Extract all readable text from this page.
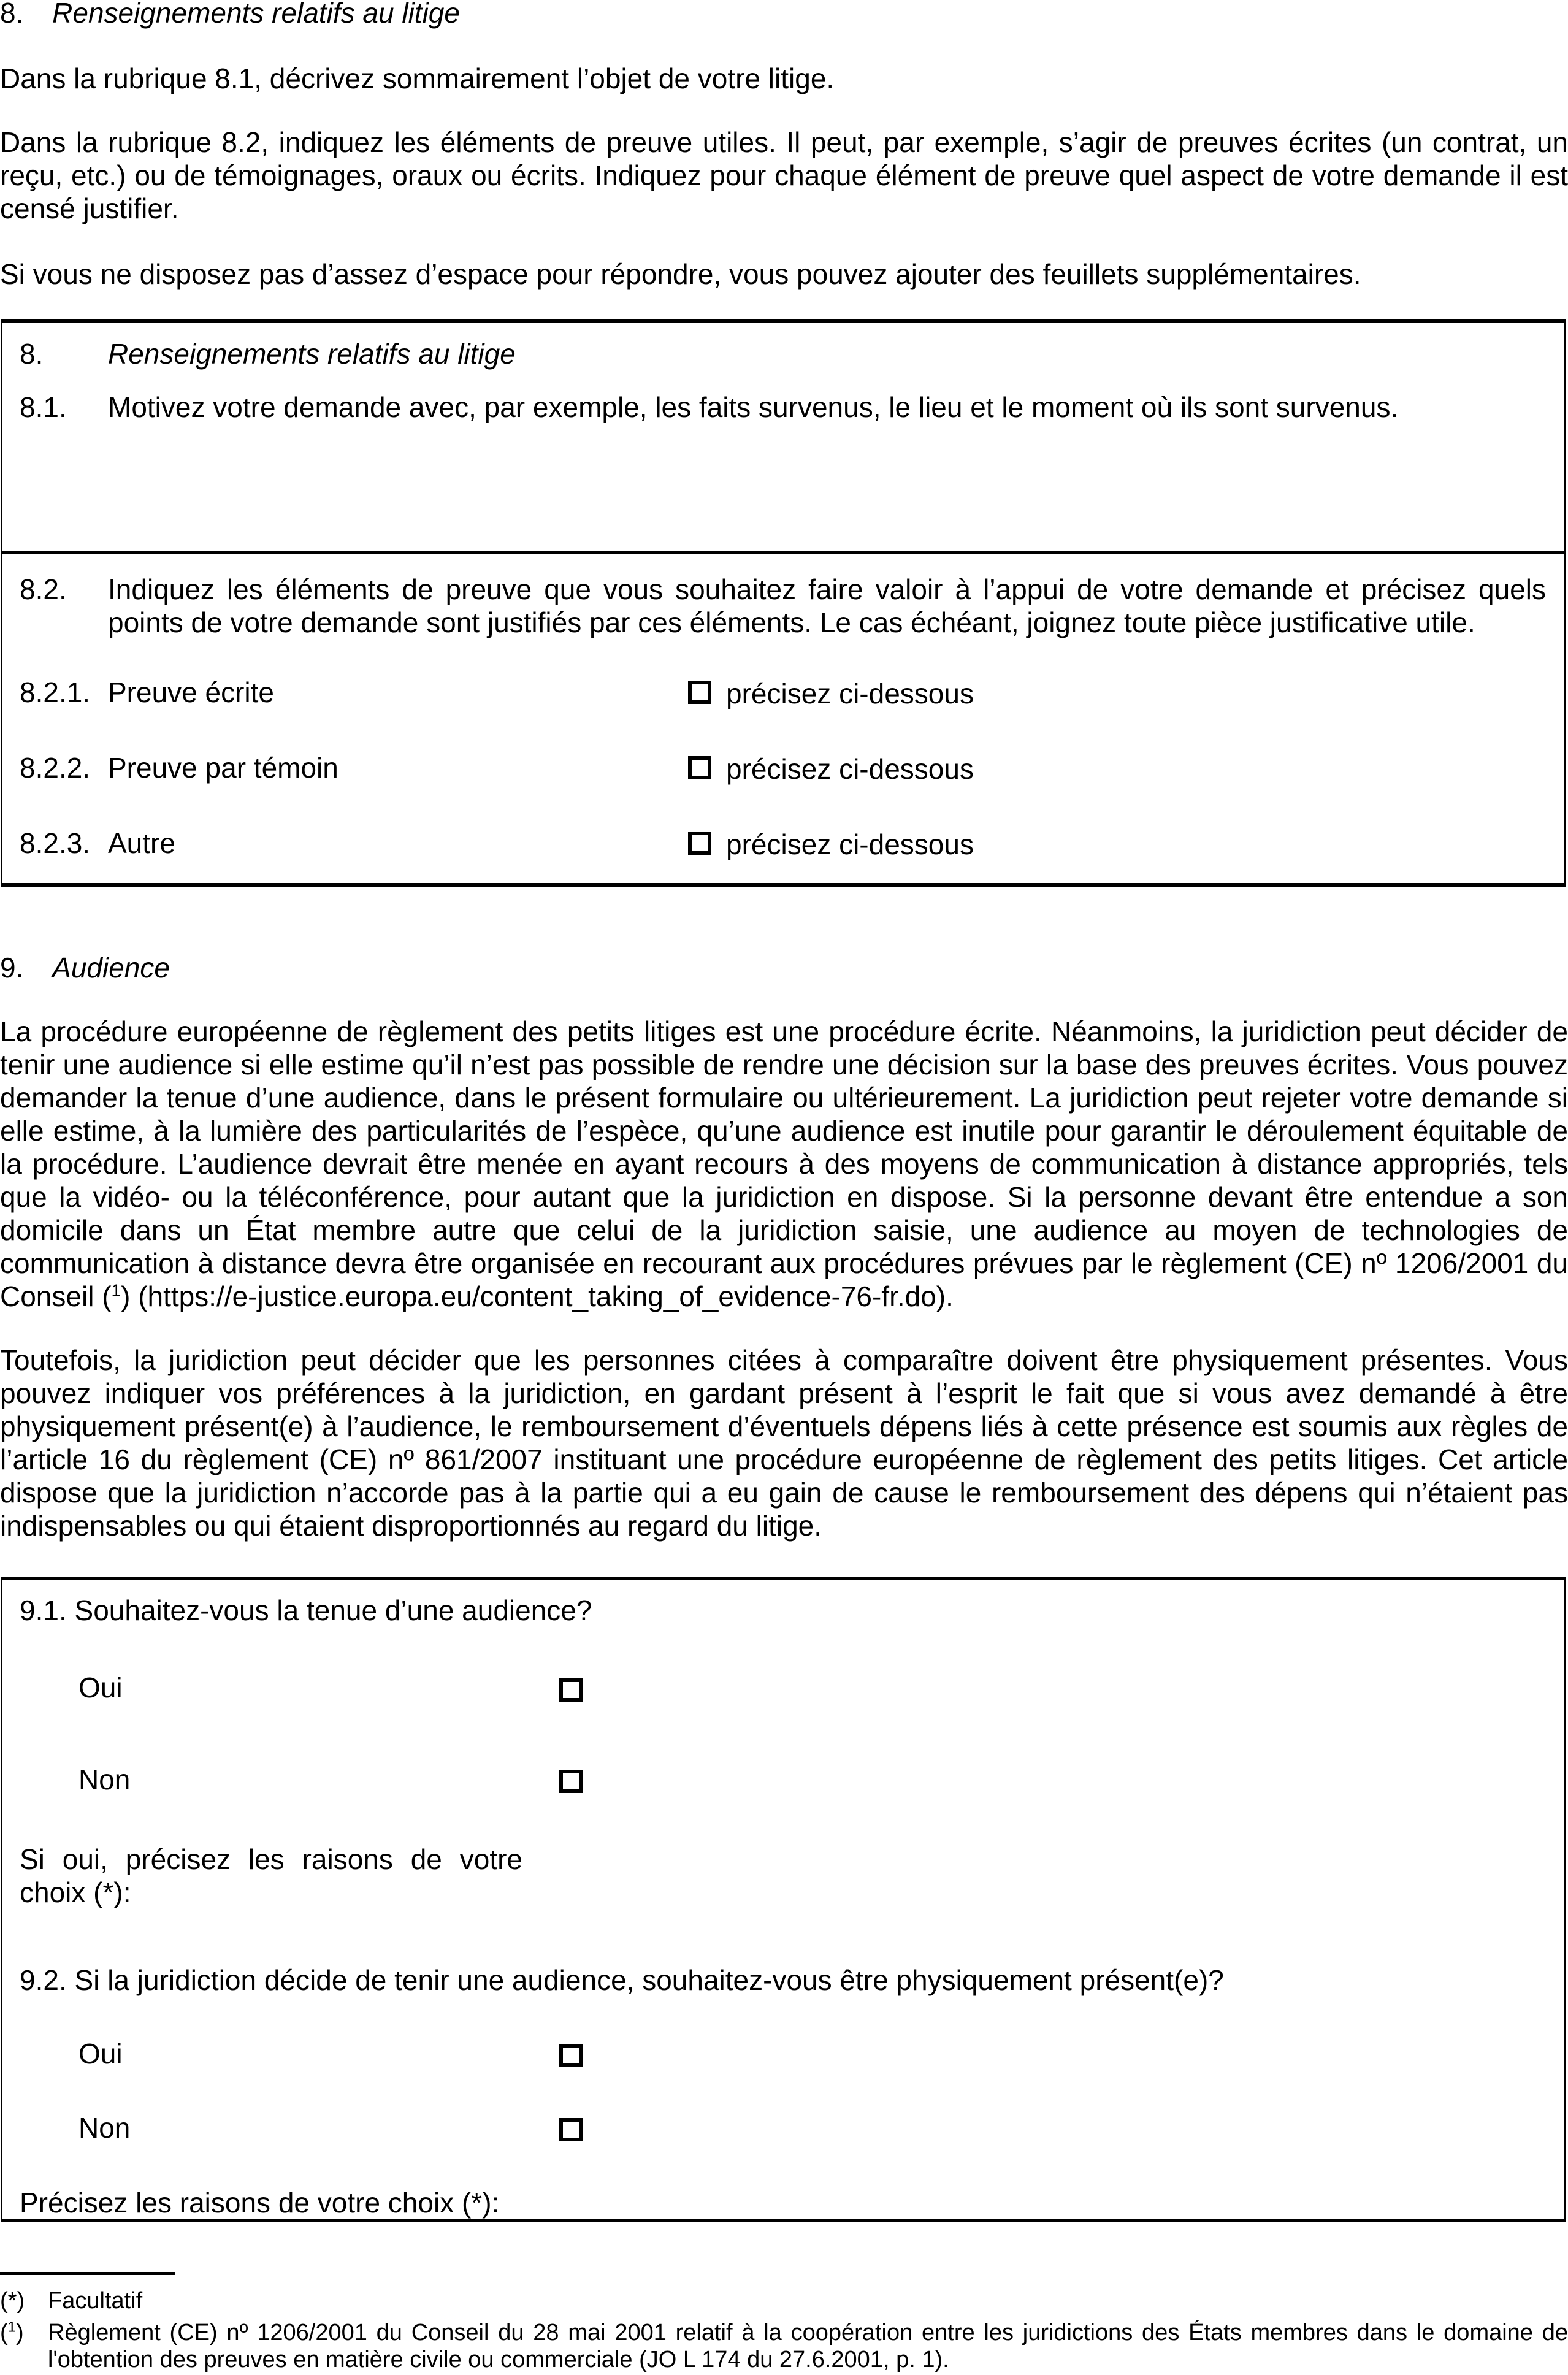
8. Renseignements relatifs au litige

Dans la rubrique 8.1, décrivez sommairement l’objet de votre litige.

Dans la rubrique 8.2, indiquez les éléments de preuve utiles. Il peut, par exemple, s’agir de preuves écrites (un contrat, un reçu, etc.) ou de témoignages, oraux ou écrits. Indiquez pour chaque élément de preuve quel aspect de votre demande il est censé justifier.

Si vous ne disposez pas d’assez d’espace pour répondre, vous pouvez ajouter des feuillets supplémentaires.

8. Renseignements relatifs au litige
8.1. Motivez votre demande avec, par exemple, les faits survenus, le lieu et le moment où ils sont survenus.
8.2. Indiquez les éléments de preuve que vous souhaitez faire valoir à l’appui de votre demande et précisez quels points de votre demande sont justifiés par ces éléments. Le cas échéant, joignez toute pièce justificative utile.
8.2.1. Preuve écrite	précisez ci-dessous
8.2.2. Preuve par témoin	précisez ci-dessous
8.2.3. Autre	précisez ci-dessous
9. Audience

La procédure européenne de règlement des petits litiges est une procédure écrite. Néanmoins, la juridiction peut décider de tenir une audience si elle estime qu’il n’est pas possible de rendre une décision sur la base des preuves écrites. Vous pouvez demander la tenue d’une audience, dans le présent formulaire ou ultérieurement. La juridiction peut rejeter votre demande si elle estime, à la lumière des particularités de l’espèce, qu’une audience est inutile pour garantir le déroulement équitable de la procédure. L’audience devrait être menée en ayant recours à des moyens de communication à distance appropriés, tels que la vidéo- ou la téléconférence, pour autant que la juridiction en dispose. Si la personne devant être entendue a son domicile dans un État membre autre que celui de la juridiction saisie, une audience au moyen de technologies de communication à distance devra être organisée en recourant aux procédures prévues par le règlement (CE) nº 1206/2001 du Conseil ($^1$) (https://e-justice.europa.eu/content_taking_of_evidence-76-fr.do).

Toutefois, la juridiction peut décider que les personnes citées à comparaître doivent être physiquement présentes. Vous pouvez indiquer vos préférences à la juridiction, en gardant présent à l’esprit le fait que si vous avez demandé à être physiquement présent(e) à l’audience, le remboursement d’éventuels dépens liés à cette présence est soumis aux règles de l’article 16 du règlement (CE) nº 861/2007 instituant une procédure européenne de règlement des petits litiges. Cet article dispose que la juridiction n’accorde pas à la partie qui a eu gain de cause le remboursement des dépens qui n’étaient pas indispensables ou qui étaient disproportionnés au regard du litige.

9.1. Souhaitez-vous la tenue d’une audience?
Oui
Non
Si oui, précisez les raisons de votre choix (*):
9.2. Si la juridiction décide de tenir une audience, souhaitez-vous être physiquement présent(e)?
Oui
Non
Précisez les raisons de votre choix (*):
(*) Facultatif
($^1$) Règlement (CE) nº 1206/2001 du Conseil du 28 mai 2001 relatif à la coopération entre les juridictions des États membres dans le domaine de l'obtention des preuves en matière civile ou commerciale (JO L 174 du 27.6.2001, p. 1).
